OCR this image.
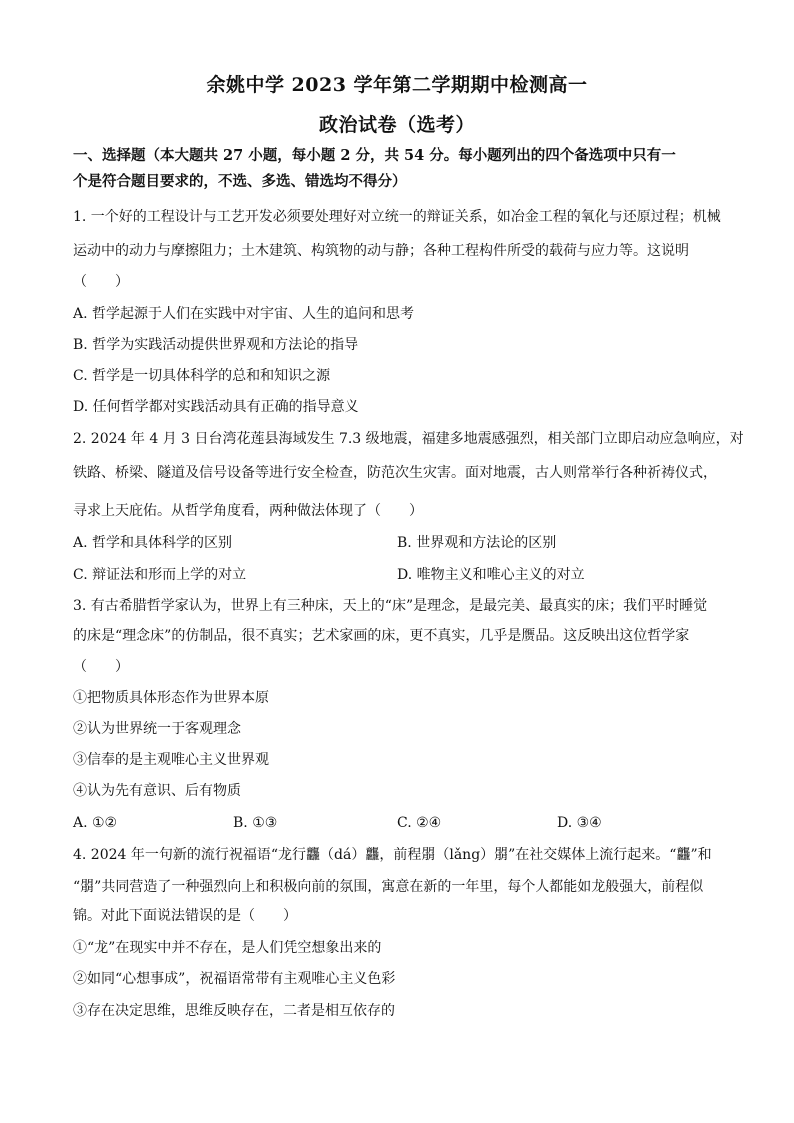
余姚中学 2023 学年第二学期期中检测高一
政治试卷（选考）

一、选择题（本大题共 27 小题，每小题 2 分，共 54 分。每小题列出的四个备选项中只有一

个是符合题目要求的，不选、多选、错选均不得分）

1. 一个好的工程设计与工艺开发必须要处理好对立统一的辩证关系，如冶金工程的氧化与还原过程；机械

运动中的动力与摩擦阻力；土木建筑、构筑物的动与静；各种工程构件所受的载荷与应力等。这说明

（　　）

A. 哲学起源于人们在实践中对宇宙、人生的追问和思考

B. 哲学为实践活动提供世界观和方法论的指导

C. 哲学是一切具体科学的总和和知识之源

D. 任何哲学都对实践活动具有正确的指导意义

2. 2024 年 4 月 3 日台湾花莲县海域发生 7.3 级地震，福建多地震感强烈，相关部门立即启动应急响应，对

铁路、桥梁、隧道及信号设备等进行安全检查，防范次生灾害。面对地震，古人则常举行各种祈祷仪式，

寻求上天庇佑。从哲学角度看，两种做法体现了（　　）

A. 哲学和具体科学的区别	B. 世界观和方法论的区别
C. 辩证法和形而上学的对立	D. 唯物主义和唯心主义的对立

3. 有古希腊哲学家认为，世界上有三种床，天上的“床”是理念，是最完美、最真实的床；我们平时睡觉

的床是“理念床”的仿制品，很不真实；艺术家画的床，更不真实，几乎是赝品。这反映出这位哲学家

（　　）

①把物质具体形态作为世界本原

②认为世界统一于客观理念

③信奉的是主观唯心主义世界观

④认为先有意识、后有物质

A. ①②	B. ①③	C. ②④	D. ③④

4. 2024 年一句新的流行祝福语“龙行龘（dá）龘，前程朤（lǎng）朤”在社交媒体上流行起来。“龘”和

“朤”共同营造了一种强烈向上和积极向前的氛围，寓意在新的一年里，每个人都能如龙般强大，前程似

锦。对此下面说法错误的是（　　）

①“龙”在现实中并不存在，是人们凭空想象出来的

②如同“心想事成”，祝福语常带有主观唯心主义色彩

③存在决定思维，思维反映存在，二者是相互依存的
